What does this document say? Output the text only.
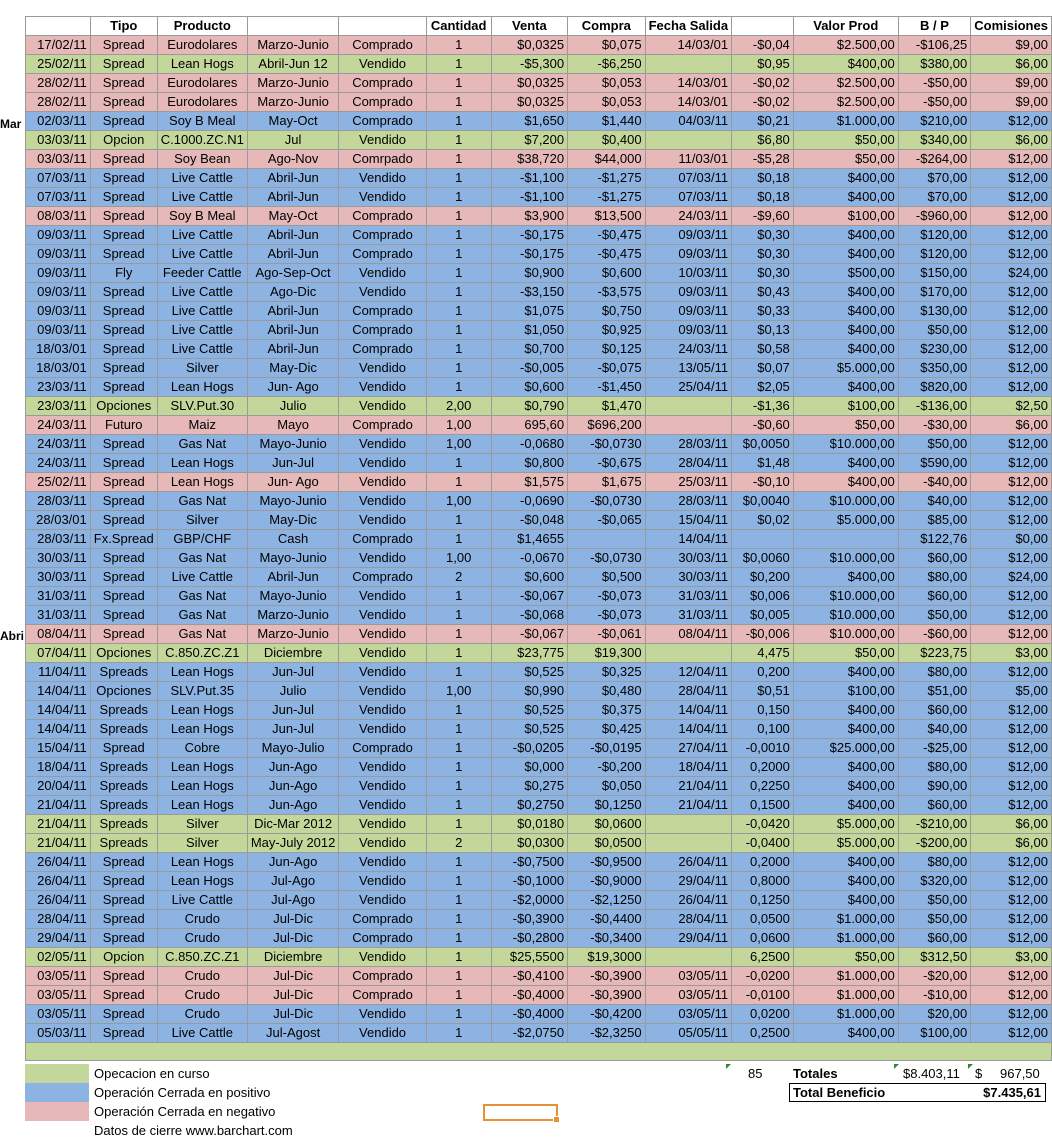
Mar
Abri
	Tipo	Producto			Cantidad	Venta	Compra	Fecha Salida		Valor Prod	B / P	Comisiones
17/02/11	Spread	Eurodolares	Marzo-Junio	Comprado	1	$0,0325	$0,075	14/03/01	-$0,04	$2.500,00	-$106,25	$9,00
25/02/11	Spread	Lean Hogs	Abril-Jun 12	Vendido	1	-$5,300	-$6,250		$0,95	$400,00	$380,00	$6,00
28/02/11	Spread	Eurodolares	Marzo-Junio	Comprado	1	$0,0325	$0,053	14/03/01	-$0,02	$2.500,00	-$50,00	$9,00
28/02/11	Spread	Eurodolares	Marzo-Junio	Comprado	1	$0,0325	$0,053	14/03/01	-$0,02	$2.500,00	-$50,00	$9,00
02/03/11	Spread	Soy B Meal	May-Oct	Comprado	1	$1,650	$1,440	04/03/11	$0,21	$1.000,00	$210,00	$12,00
03/03/11	Opcion	C.1000.ZC.N1	Jul	Vendido	1	$7,200	$0,400		$6,80	$50,00	$340,00	$6,00
03/03/11	Spread	Soy Bean	Ago-Nov	Comrpado	1	$38,720	$44,000	11/03/01	-$5,28	$50,00	-$264,00	$12,00
07/03/11	Spread	Live Cattle	Abril-Jun	Vendido	1	-$1,100	-$1,275	07/03/11	$0,18	$400,00	$70,00	$12,00
07/03/11	Spread	Live Cattle	Abril-Jun	Vendido	1	-$1,100	-$1,275	07/03/11	$0,18	$400,00	$70,00	$12,00
08/03/11	Spread	Soy B Meal	May-Oct	Comprado	1	$3,900	$13,500	24/03/11	-$9,60	$100,00	-$960,00	$12,00
09/03/11	Spread	Live Cattle	Abril-Jun	Comprado	1	-$0,175	-$0,475	09/03/11	$0,30	$400,00	$120,00	$12,00
09/03/11	Spread	Live Cattle	Abril-Jun	Comprado	1	-$0,175	-$0,475	09/03/11	$0,30	$400,00	$120,00	$12,00
09/03/11	Fly	Feeder Cattle	Ago-Sep-Oct	Vendido	1	$0,900	$0,600	10/03/11	$0,30	$500,00	$150,00	$24,00
09/03/11	Spread	Live Cattle	Ago-Dic	Vendido	1	-$3,150	-$3,575	09/03/11	$0,43	$400,00	$170,00	$12,00
09/03/11	Spread	Live Cattle	Abril-Jun	Comprado	1	$1,075	$0,750	09/03/11	$0,33	$400,00	$130,00	$12,00
09/03/11	Spread	Live Cattle	Abril-Jun	Comprado	1	$1,050	$0,925	09/03/11	$0,13	$400,00	$50,00	$12,00
18/03/01	Spread	Live Cattle	Abril-Jun	Comprado	1	$0,700	$0,125	24/03/11	$0,58	$400,00	$230,00	$12,00
18/03/01	Spread	Silver	May-Dic	Vendido	1	-$0,005	-$0,075	13/05/11	$0,07	$5.000,00	$350,00	$12,00
23/03/11	Spread	Lean Hogs	Jun- Ago	Vendido	1	$0,600	-$1,450	25/04/11	$2,05	$400,00	$820,00	$12,00
23/03/11	Opciones	SLV.Put.30	Julio	Vendido	2,00	$0,790	$1,470		-$1,36	$100,00	-$136,00	$2,50
24/03/11	Futuro	Maiz	Mayo	Comprado	1,00	695,60	$696,200		-$0,60	$50,00	-$30,00	$6,00
24/03/11	Spread	Gas Nat	Mayo-Junio	Vendido	1,00	-0,0680	-$0,0730	28/03/11	$0,0050	$10.000,00	$50,00	$12,00
24/03/11	Spread	Lean Hogs	Jun-Jul	Vendido	1	$0,800	-$0,675	28/04/11	$1,48	$400,00	$590,00	$12,00
25/02/11	Spread	Lean Hogs	Jun- Ago	Vendido	1	$1,575	$1,675	25/03/11	-$0,10	$400,00	-$40,00	$12,00
28/03/11	Spread	Gas Nat	Mayo-Junio	Vendido	1,00	-0,0690	-$0,0730	28/03/11	$0,0040	$10.000,00	$40,00	$12,00
28/03/01	Spread	Silver	May-Dic	Vendido	1	-$0,048	-$0,065	15/04/11	$0,02	$5.000,00	$85,00	$12,00
28/03/11	Fx.Spread	GBP/CHF	Cash	Comprado	1	$1,4655		14/04/11			$122,76	$0,00
30/03/11	Spread	Gas Nat	Mayo-Junio	Vendido	1,00	-0,0670	-$0,0730	30/03/11	$0,0060	$10.000,00	$60,00	$12,00
30/03/11	Spread	Live Cattle	Abril-Jun	Comprado	2	$0,600	$0,500	30/03/11	$0,200	$400,00	$80,00	$24,00
31/03/11	Spread	Gas Nat	Mayo-Junio	Vendido	1	-$0,067	-$0,073	31/03/11	$0,006	$10.000,00	$60,00	$12,00
31/03/11	Spread	Gas Nat	Marzo-Junio	Vendido	1	-$0,068	-$0,073	31/03/11	$0,005	$10.000,00	$50,00	$12,00
08/04/11	Spread	Gas Nat	Marzo-Junio	Vendido	1	-$0,067	-$0,061	08/04/11	-$0,006	$10.000,00	-$60,00	$12,00
07/04/11	Opciones	C.850.ZC.Z1	Diciembre	Vendido	1	$23,775	$19,300		4,475	$50,00	$223,75	$3,00
11/04/11	Spreads	Lean Hogs	Jun-Jul	Vendido	1	$0,525	$0,325	12/04/11	0,200	$400,00	$80,00	$12,00
14/04/11	Opciones	SLV.Put.35	Julio	Vendido	1,00	$0,990	$0,480	28/04/11	$0,51	$100,00	$51,00	$5,00
14/04/11	Spreads	Lean Hogs	Jun-Jul	Vendido	1	$0,525	$0,375	14/04/11	0,150	$400,00	$60,00	$12,00
14/04/11	Spreads	Lean Hogs	Jun-Jul	Vendido	1	$0,525	$0,425	14/04/11	0,100	$400,00	$40,00	$12,00
15/04/11	Spread	Cobre	Mayo-Julio	Comprado	1	-$0,0205	-$0,0195	27/04/11	-0,0010	$25.000,00	-$25,00	$12,00
18/04/11	Spreads	Lean Hogs	Jun-Ago	Vendido	1	$0,000	-$0,200	18/04/11	0,2000	$400,00	$80,00	$12,00
20/04/11	Spreads	Lean Hogs	Jun-Ago	Vendido	1	$0,275	$0,050	21/04/11	0,2250	$400,00	$90,00	$12,00
21/04/11	Spreads	Lean Hogs	Jun-Ago	Vendido	1	$0,2750	$0,1250	21/04/11	0,1500	$400,00	$60,00	$12,00
21/04/11	Spreads	Silver	Dic-Mar 2012	Vendido	1	$0,0180	$0,0600		-0,0420	$5.000,00	-$210,00	$6,00
21/04/11	Spreads	Silver	May-July 2012	Vendido	2	$0,0300	$0,0500		-0,0400	$5.000,00	-$200,00	$6,00
26/04/11	Spread	Lean Hogs	Jun-Ago	Vendido	1	-$0,7500	-$0,9500	26/04/11	0,2000	$400,00	$80,00	$12,00
26/04/11	Spread	Lean Hogs	Jul-Ago	Vendido	1	-$0,1000	-$0,9000	29/04/11	0,8000	$400,00	$320,00	$12,00
26/04/11	Spread	Live Cattle	Jul-Ago	Vendido	1	-$2,0000	-$2,1250	26/04/11	0,1250	$400,00	$50,00	$12,00
28/04/11	Spread	Crudo	Jul-Dic	Comprado	1	-$0,3900	-$0,4400	28/04/11	0,0500	$1.000,00	$50,00	$12,00
29/04/11	Spread	Crudo	Jul-Dic	Comprado	1	-$0,2800	-$0,3400	29/04/11	0,0600	$1.000,00	$60,00	$12,00
02/05/11	Opcion	C.850.ZC.Z1	Diciembre	Vendido	1	$25,5500	$19,3000		6,2500	$50,00	$312,50	$3,00
03/05/11	Spread	Crudo	Jul-Dic	Comprado	1	-$0,4100	-$0,3900	03/05/11	-0,0200	$1.000,00	-$20,00	$12,00
03/05/11	Spread	Crudo	Jul-Dic	Comprado	1	-$0,4000	-$0,3900	03/05/11	-0,0100	$1.000,00	-$10,00	$12,00
03/05/11	Spread	Crudo	Jul-Dic	Vendido	1	-$0,4000	-$0,4200	03/05/11	0,0200	$1.000,00	$20,00	$12,00
05/03/11	Spread	Live Cattle	Jul-Agost	Vendido	1	-$2,0750	-$2,3250	05/05/11	0,2500	$400,00	$100,00	$12,00

Opecacion en curso
Operación Cerrada en positivo
Operación Cerrada en negativo
Datos de cierre www.barchart.com
85 Totales	$8.403,11 $ 967,50
Total Beneficio	$7.435,61
